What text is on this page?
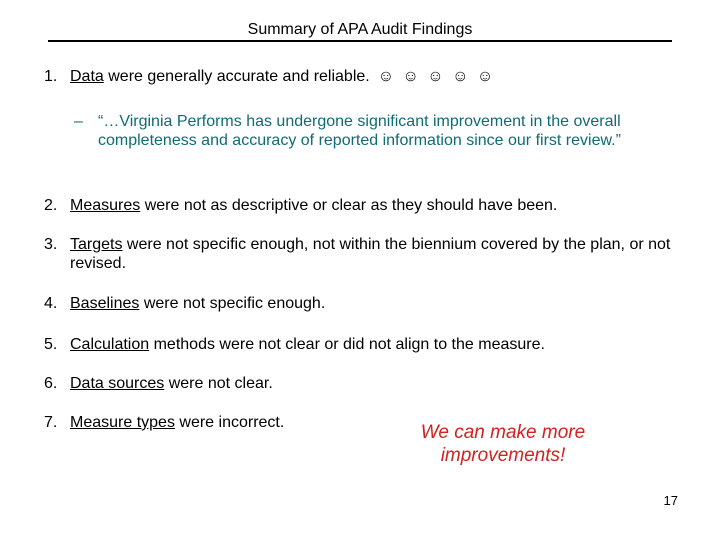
Summary of APA Audit Findings
1. Data were generally accurate and reliable. ☺ ☺ ☺ ☺ ☺
– “…Virginia Performs has undergone significant improvement in the overall completeness and accuracy of reported information since our first review.”
2. Measures were not as descriptive or clear as they should have been.
3. Targets were not specific enough, not within the biennium covered by the plan, or not revised.
4. Baselines were not specific enough.
5. Calculation methods were not clear or did not align to the measure.
6. Data sources were not clear.
7. Measure types were incorrect.	We can make more
improvements!
17
